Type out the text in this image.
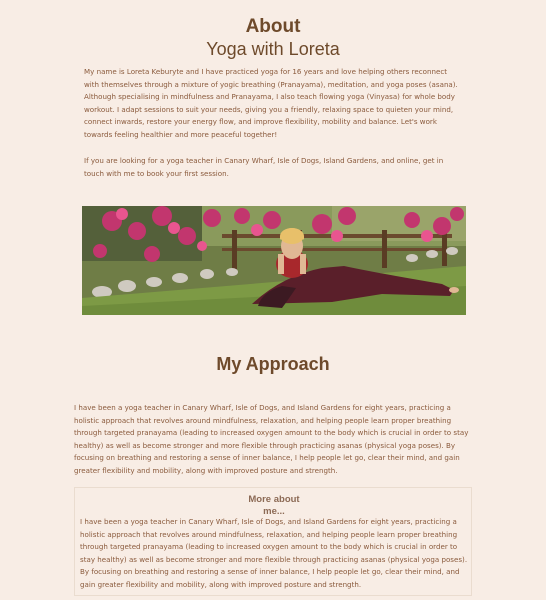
About
Yoga with Loreta

My name is Loreta Keburyte and I have practiced yoga for 16 years and love helping others reconnect with themselves through a mixture of yogic breathing (Pranayama), meditation, and yoga poses (asana). Although specialising in mindfulness and Pranayama, I also teach flowing yoga (Vinyasa) for whole body workout. I adapt sessions to suit your needs, giving you a friendly, relaxing space to quieten your mind, connect inwards, restore your energy flow, and improve flexibility, mobility and balance. Let's work towards feeling healthier and more peaceful together!

If you are looking for a yoga teacher in Canary Wharf, Isle of Dogs, Island Gardens, and online, get in touch with me to book your first session.

My Approach

I have been a yoga teacher in Canary Wharf, Isle of Dogs, and Island Gardens for eight years, practicing a holistic approach that revolves around mindfulness, relaxation, and helping people learn proper breathing through targeted pranayama (leading to increased oxygen amount to the body which is crucial in order to stay healthy) as well as become stronger and more flexible through practicing asanas (physical yoga poses). By focusing on breathing and restoring a sense of inner balance, I help people let go, clear their mind, and gain greater flexibility and mobility, along with improved posture and strength.

More about
me...

I have been a yoga teacher in Canary Wharf, Isle of Dogs, and Island Gardens for eight years, practicing a holistic approach that revolves around mindfulness, relaxation, and helping people learn proper breathing through targeted pranayama (leading to increased oxygen amount to the body which is crucial in order to stay healthy) as well as become stronger and more flexible through practicing asanas (physical yoga poses). By focusing on breathing and restoring a sense of inner balance, I help people let go, clear their mind, and gain greater flexibility and mobility, along with improved posture and strength.
